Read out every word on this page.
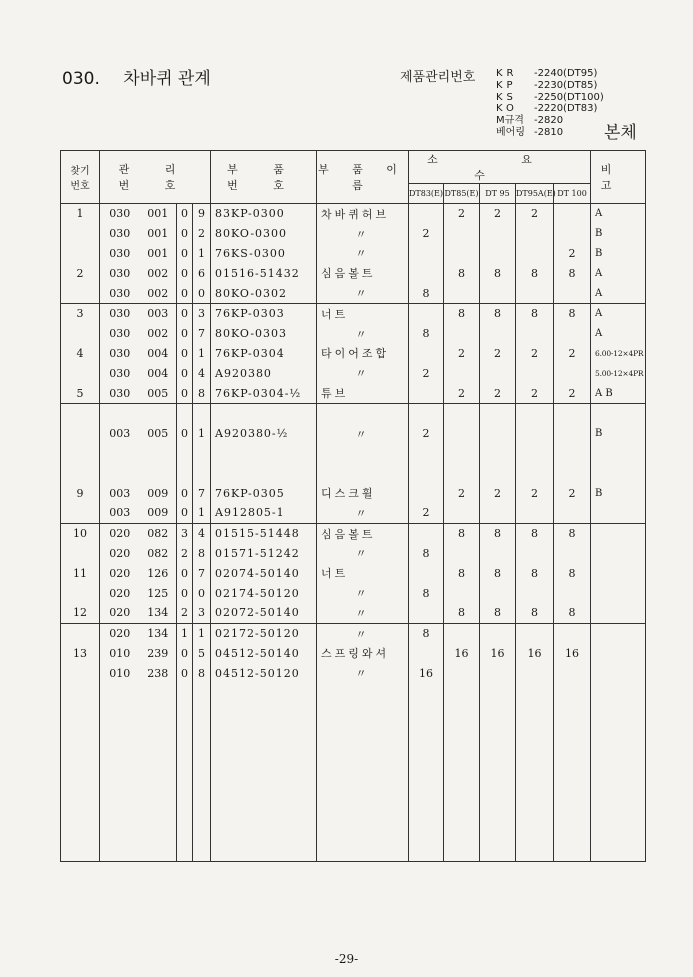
030. 차바퀴 관계	제품관리번호 KR	-2240(DT95)
KP	-2230(DT85)
KS	-2250(DT100)
KO	-2220(DT83)
M규격	-2820
베어링 -2810 본체
찾기번호	관 리 번 호				부 품 번 호	부 품 이 름	소 요 수					비 고
							DT83(E)	DT85(E)	DT 95	DT95A(E)	DT 100	
1	030	001	0	9	83KP-0300	차바퀴허브		2	2	2		A
	030	001	0	2	80KO-0300	〃	2					B
	030	001	0	1	76KS-0300	〃					2	B
2	030	002	0	6	01516-51432	심음볼트		8	8	8	8	A
	030	002	0	0	80KO-0302	〃	8					A
3	030	003	0	3	76KP-0303	너트		8	8	8	8	A
	030	002	0	7	80KO-0303	〃	8					A
4	030	004	0	1	76KP-0304	타이어조합		2	2	2	2	6.00-12×4PR
	030	004	0	4	A920380	〃	2					5.00-12×4PR
5	030	005	0	8	76KP-0304-½	튜브		2	2	2	2	A B

	003	005	0	1	A920380-½	〃	2					B

9	003	009	0	7	76KP-0305	디스크휠		2	2	2	2	B
	003	009	0	1	A912805-1	〃	2					
10	020	082	3	4	01515-51448	심음볼트		8	8	8	8	
	020	082	2	8	01571-51242	〃	8					
11	020	126	0	7	02074-50140	너트		8	8	8	8	
	020	125	0	0	02174-50120	〃	8					
12	020	134	2	3	02072-50140	〃		8	8	8	8	
	020	134	1	1	02172-50120	〃	8					
13	010	239	0	5	04512-50140	스프링와셔		16	16	16	16	
	010	238	0	8	04512-50120	〃	16					

-29-
